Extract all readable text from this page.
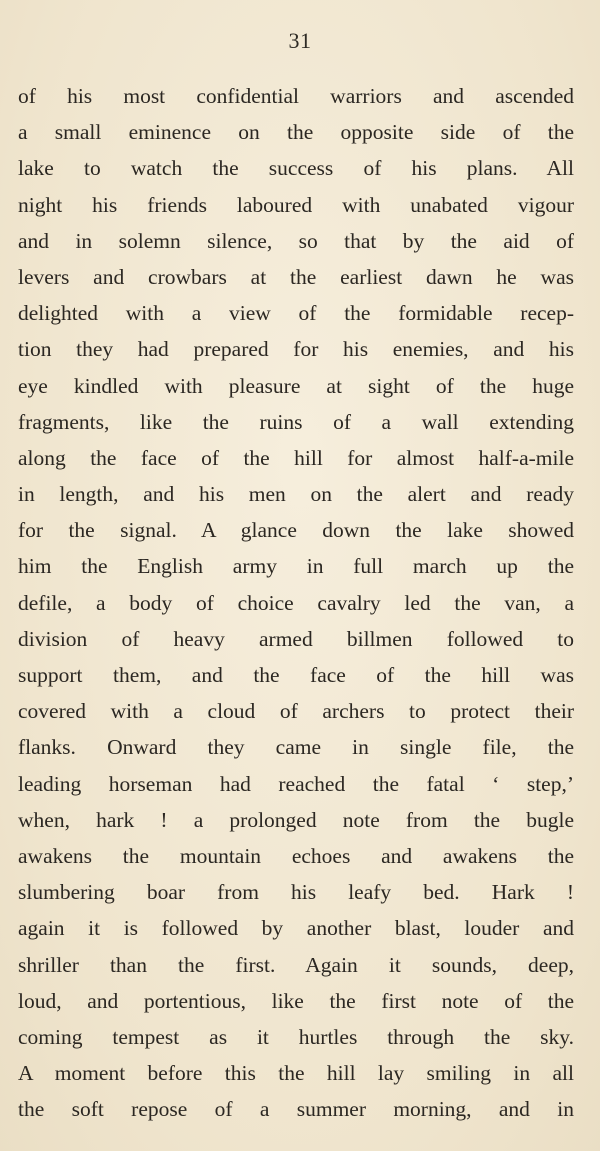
31
of his most confidential warriors and ascended
a small eminence on the opposite side of the
lake to watch the success of his plans. All
night his friends laboured with unabated vigour
and in solemn silence, so that by the aid of
levers and crowbars at the earliest dawn he was
delighted with a view of the formidable recep-
tion they had prepared for his enemies, and his
eye kindled with pleasure at sight of the huge
fragments, like the ruins of a wall extending
along the face of the hill for almost half-a-mile
in length, and his men on the alert and ready
for the signal. A glance down the lake showed
him the English army in full march up the
defile, a body of choice cavalry led the van, a
division of heavy armed billmen followed to
support them, and the face of the hill was
covered with a cloud of archers to protect their
flanks. Onward they came in single file, the
leading horseman had reached the fatal ‘ step,’
when, hark ! a prolonged note from the bugle
awakens the mountain echoes and awakens the
slumbering boar from his leafy bed. Hark !
again it is followed by another blast, louder and
shriller than the first. Again it sounds, deep,
loud, and portentious, like the first note of the
coming tempest as it hurtles through the sky.
A moment before this the hill lay smiling in all
the soft repose of a summer morning, and in
